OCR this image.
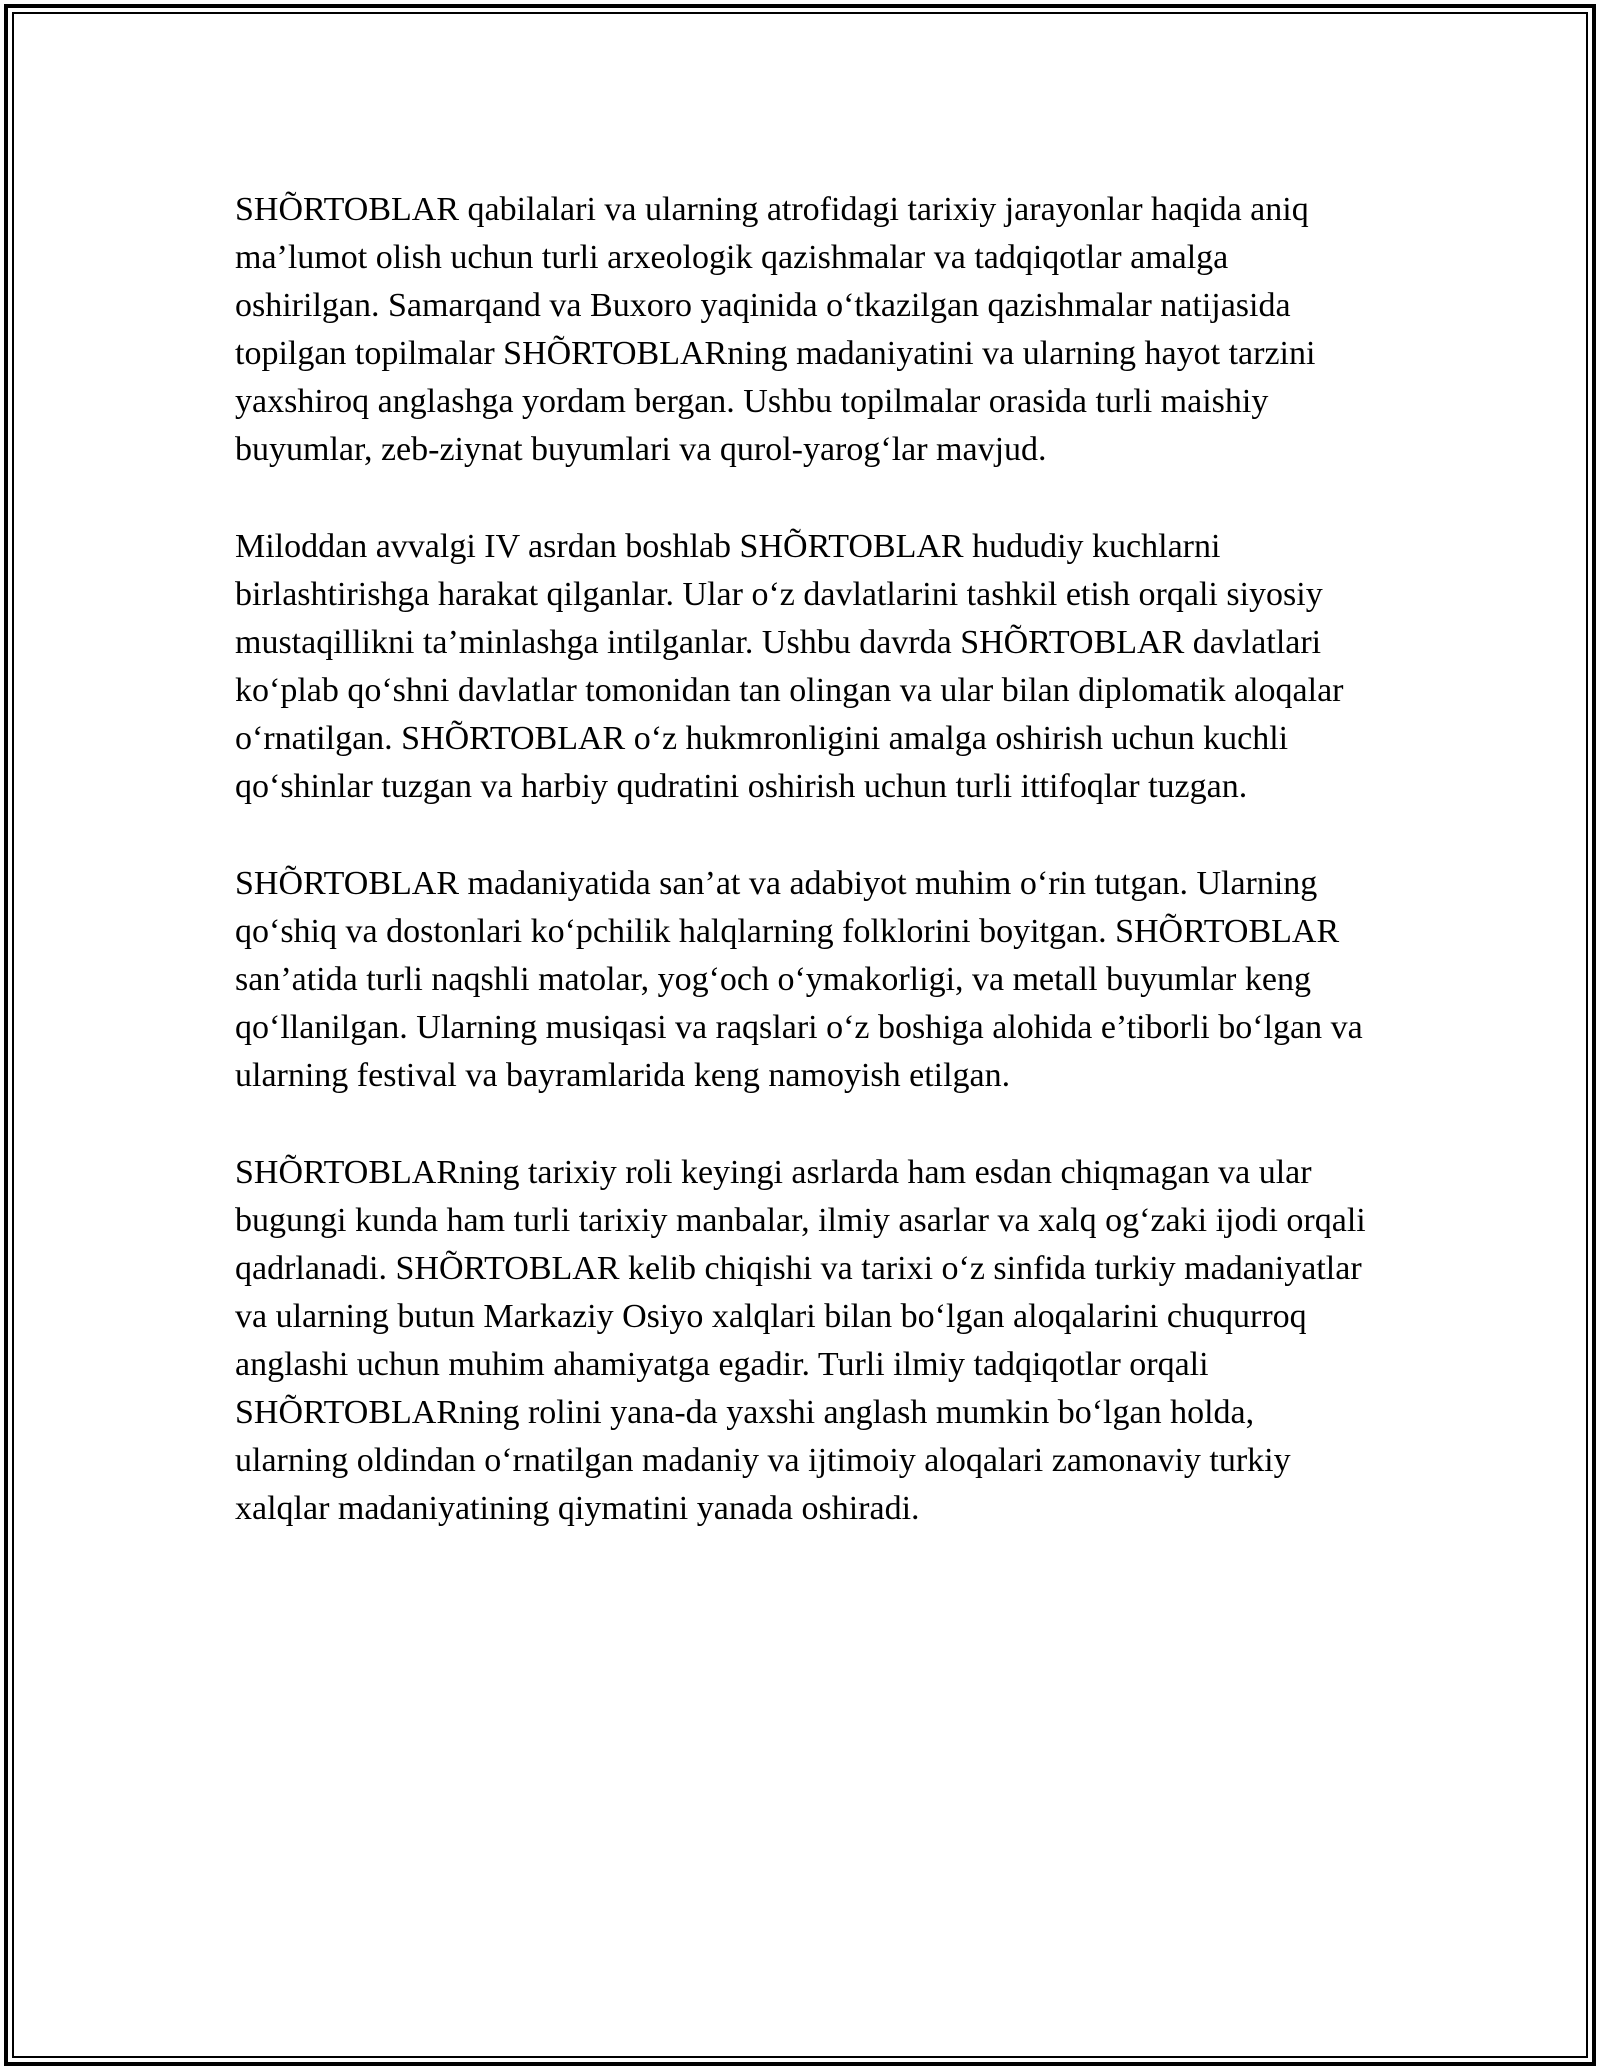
SHÕRTOBLAR qabilalari va ularning atrofidagi tarixiy jarayonlar haqida aniq ma’lumot olish uchun turli arxeologik qazishmalar va tadqiqotlar amalga oshirilgan. Samarqand va Buxoro yaqinida o‘tkazilgan qazishmalar natijasida topilgan topilmalar SHÕRTOBLARning madaniyatini va ularning hayot tarzini yaxshiroq anglashga yordam bergan. Ushbu topilmalar orasida turli maishiy buyumlar, zeb-ziynat buyumlari va qurol-yarog‘lar mavjud.

Miloddan avvalgi IV asrdan boshlab SHÕRTOBLAR hududiy kuchlarni birlashtirishga harakat qilganlar. Ular o‘z davlatlarini tashkil etish orqali siyosiy mustaqillikni ta’minlashga intilganlar. Ushbu davrda SHÕRTOBLAR davlatlari ko‘plab qo‘shni davlatlar tomonidan tan olingan va ular bilan diplomatik aloqalar o‘rnatilgan. SHÕRTOBLAR o‘z hukmronligini amalga oshirish uchun kuchli qo‘shinlar tuzgan va harbiy qudratini oshirish uchun turli ittifoqlar tuzgan.

SHÕRTOBLAR madaniyatida san’at va adabiyot muhim o‘rin tutgan. Ularning qo‘shiq va dostonlari ko‘pchilik halqlarning folklorini boyitgan. SHÕRTOBLAR san’atida turli naqshli matolar, yog‘och o‘ymakorligi, va metall buyumlar keng qo‘llanilgan. Ularning musiqasi va raqslari o‘z boshiga alohida e’tiborli bo‘lgan va ularning festival va bayramlarida keng namoyish etilgan.

SHÕRTOBLARning tarixiy roli keyingi asrlarda ham esdan chiqmagan va ular bugungi kunda ham turli tarixiy manbalar, ilmiy asarlar va xalq og‘zaki ijodi orqali qadrlanadi. SHÕRTOBLAR kelib chiqishi va tarixi o‘z sinfida turkiy madaniyatlar va ularning butun Markaziy Osiyo xalqlari bilan bo‘lgan aloqalarini chuqurroq anglashi uchun muhim ahamiyatga egadir. Turli ilmiy tadqiqotlar orqali SHÕRTOBLARning rolini yana-da yaxshi anglash mumkin bo‘lgan holda, ularning oldindan o‘rnatilgan madaniy va ijtimoiy aloqalari zamonaviy turkiy xalqlar madaniyatining qiymatini yanada oshiradi.
